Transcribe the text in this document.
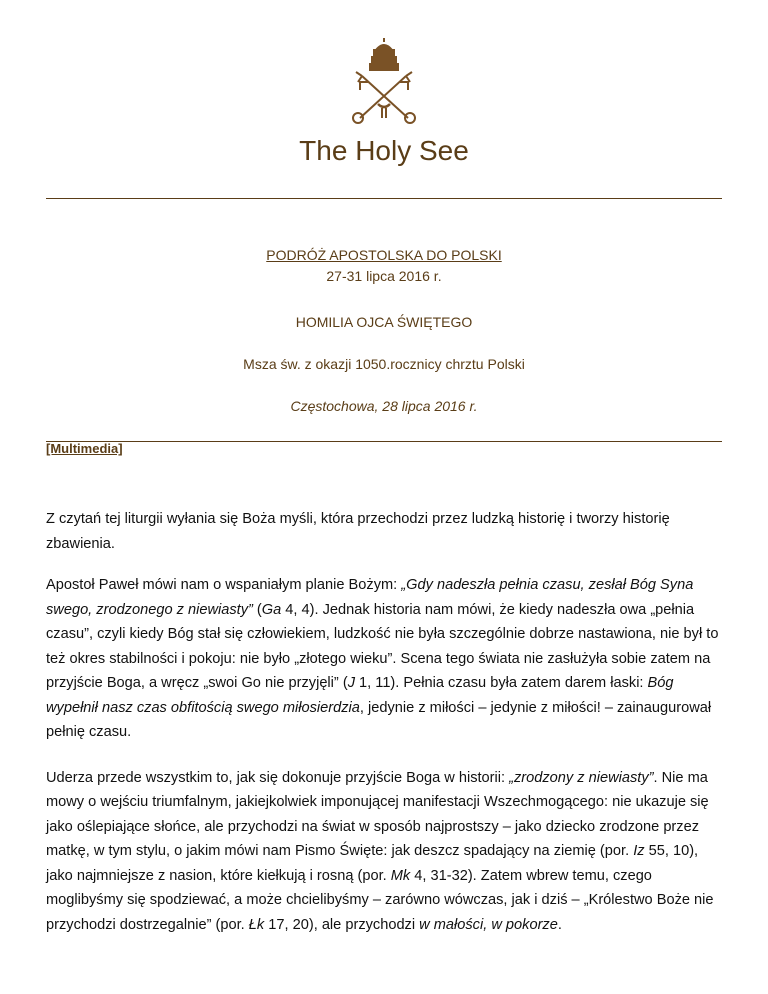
The Holy See
PODRÓŻ APOSTOLSKA DO POLSKI
27-31 lipca 2016 r.
HOMILIA OJCA ŚWIĘTEGO
Msza św. z okazji 1050.rocznicy chrztu Polski
Częstochowa, 28 lipca 2016 r.
[Multimedia]

Z czytań tej liturgii wyłania się Boża myśli, która przechodzi przez ludzką historię i tworzy historię zbawienia.

Apostoł Paweł mówi nam o wspaniałym planie Bożym: „Gdy nadeszła pełnia czasu, zesłał Bóg Syna swego, zrodzonego z niewiasty” (Ga 4, 4). Jednak historia nam mówi, że kiedy nadeszła owa „pełnia czasu”, czyli kiedy Bóg stał się człowiekiem, ludzkość nie była szczególnie dobrze nastawiona, nie był to też okres stabilności i pokoju: nie było „złotego wieku”. Scena tego świata nie zasłużyła sobie zatem na przyjście Boga, a wręcz „swoi Go nie przyjęli” (J 1, 11). Pełnia czasu była zatem darem łaski: Bóg wypełnił nasz czas obfitością swego miłosierdzia, jedynie z miłości – jedynie z miłości! – zainaugurował pełnię czasu.

Uderza przede wszystkim to, jak się dokonuje przyjście Boga w historii: „zrodzony z niewiasty”. Nie ma mowy o wejściu triumfalnym, jakiejkolwiek imponującej manifestacji Wszechmogącego: nie ukazuje się jako oślepiające słońce, ale przychodzi na świat w sposób najprostszy – jako dziecko zrodzone przez matkę, w tym stylu, o jakim mówi nam Pismo Święte: jak deszcz spadający na ziemię (por. Iz 55, 10), jako najmniejsze z nasion, które kiełkują i rosną (por. Mk 4, 31-32). Zatem wbrew temu, czego moglibyśmy się spodziewać, a może chcielibyśmy – zarówno wówczas, jak i dziś – „Królestwo Boże nie przychodzi dostrzegalnie” (por. Łk 17, 20), ale przychodzi w małości, w pokorze.
